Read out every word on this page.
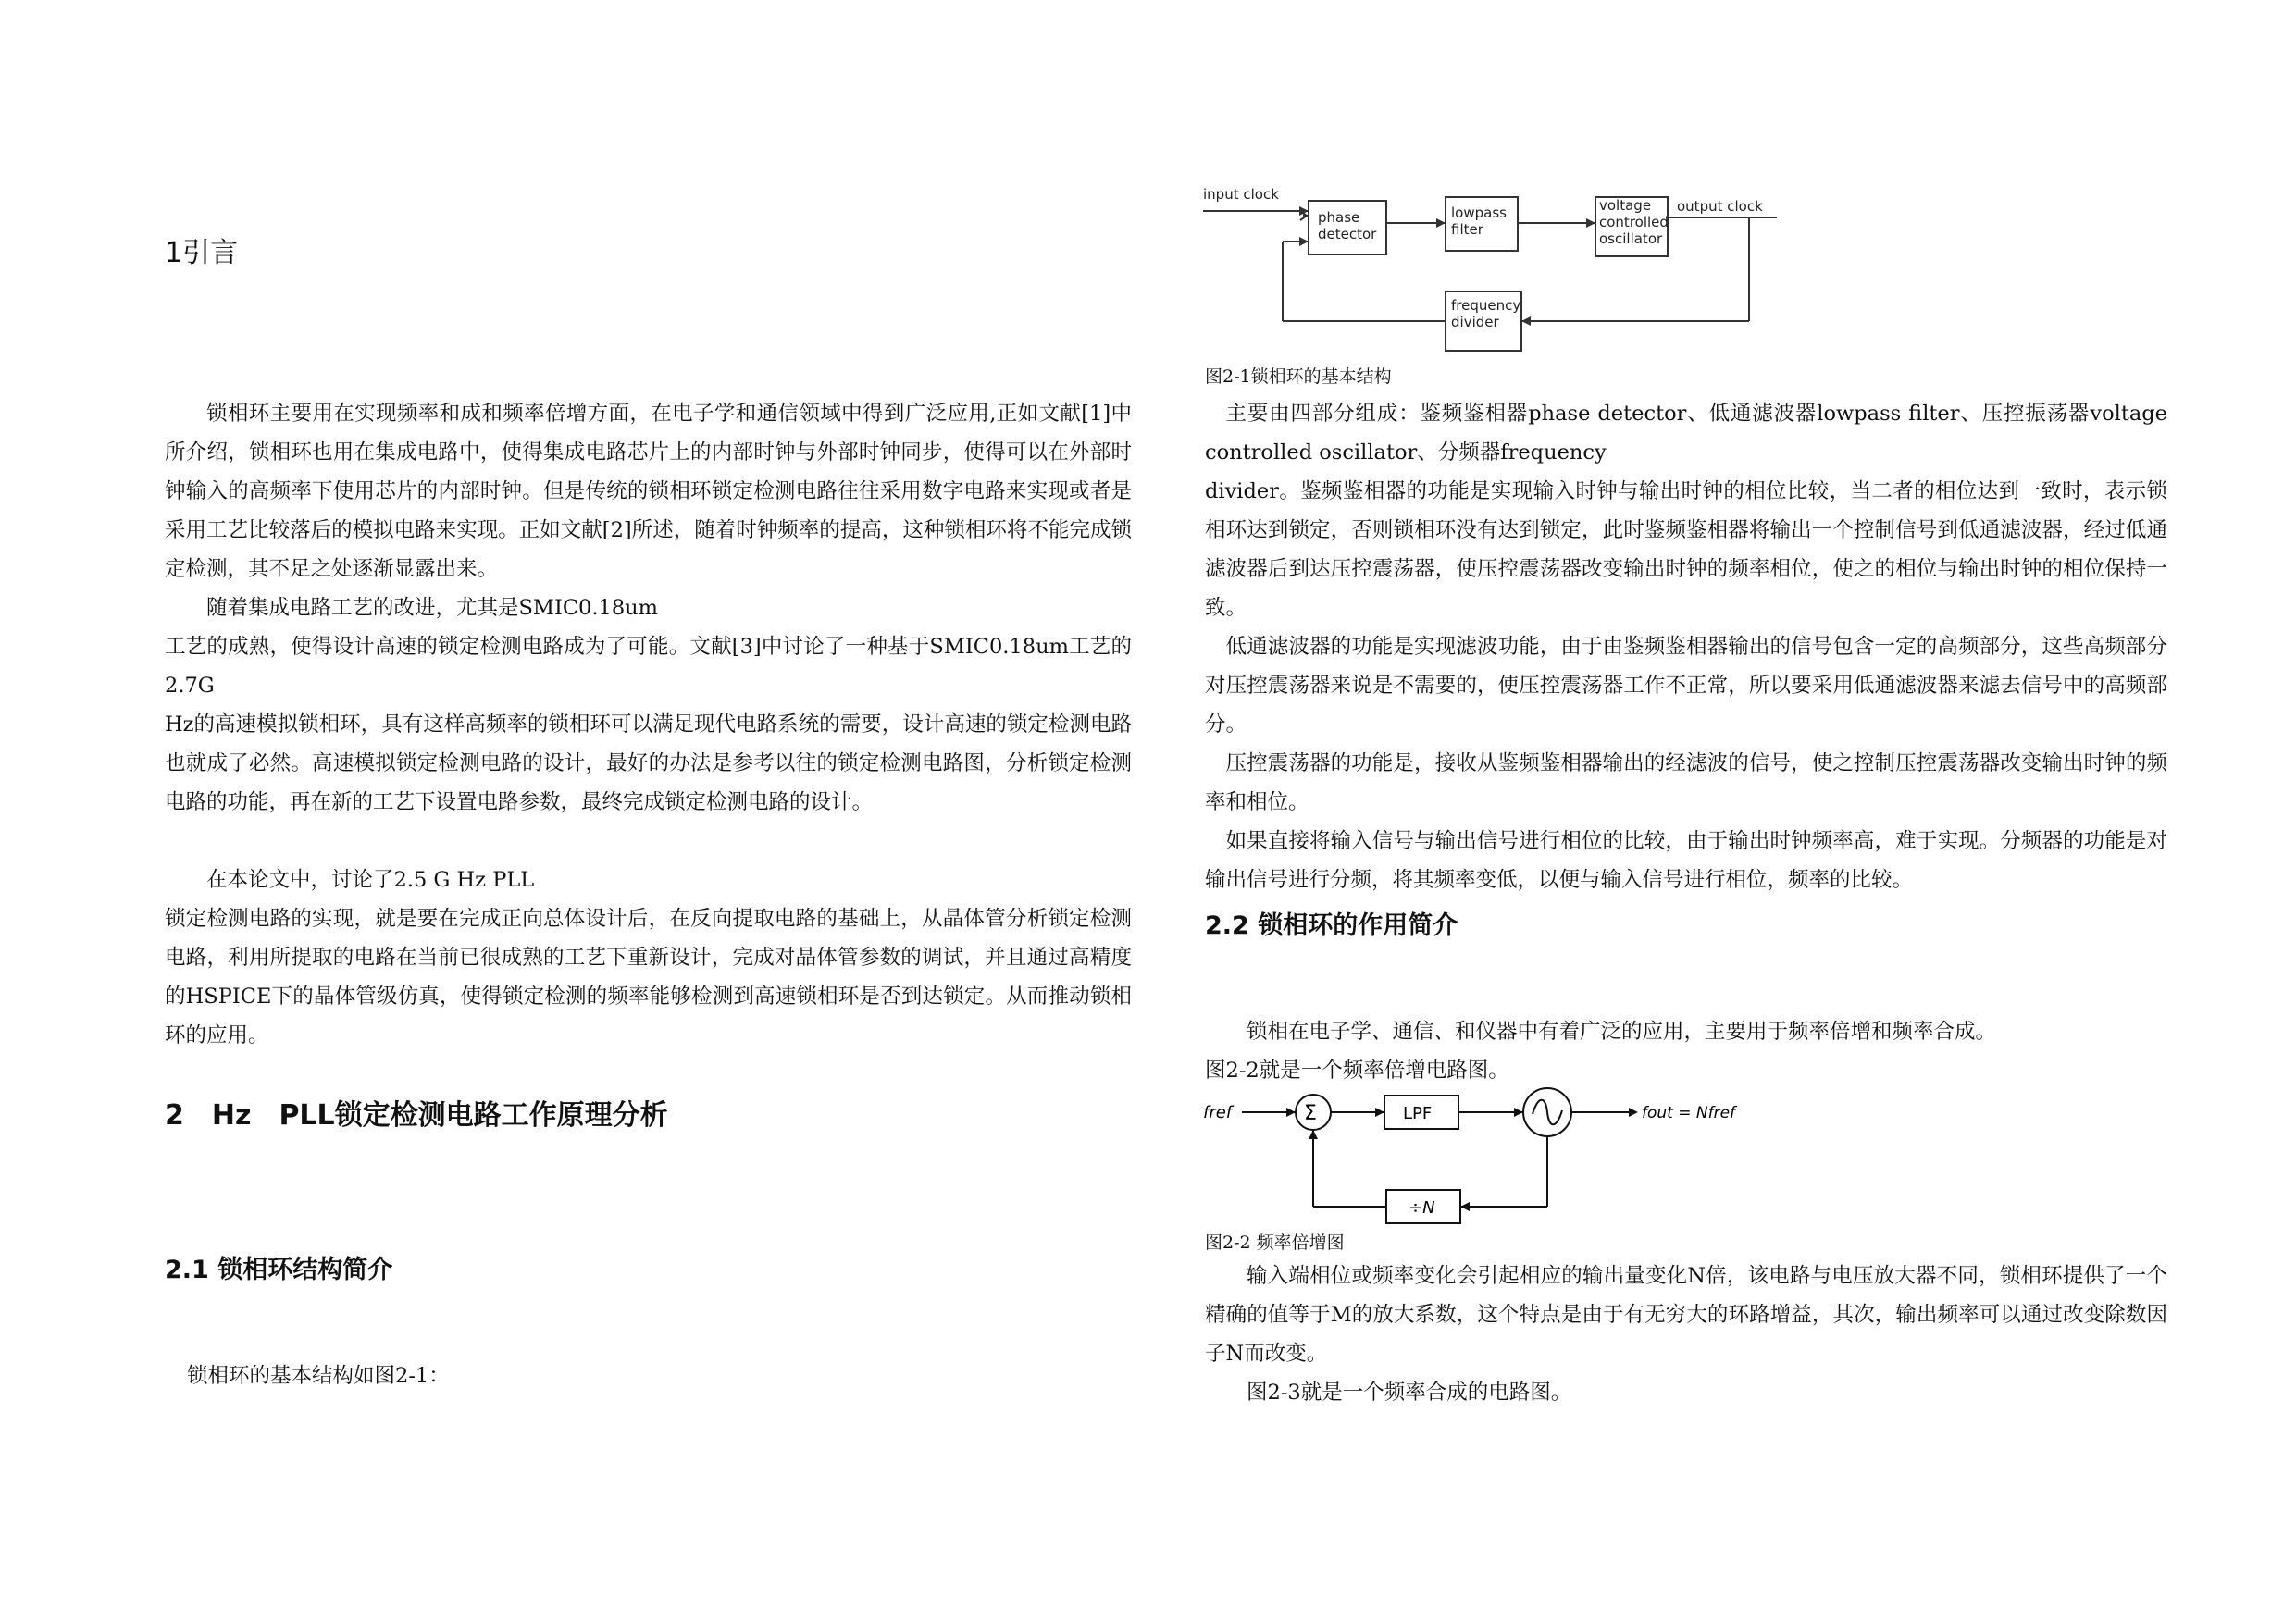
1引言

锁相环主要用在实现频率和成和频率倍增方面，在电子学和通信领域中得到广泛应用,正如文献[1]中所介绍，锁相环也用在集成电路中，使得集成电路芯片上的内部时钟与外部时钟同步，使得可以在外部时钟输入的高频率下使用芯片的内部时钟。但是传统的锁相环锁定检测电路往往采用数字电路来实现或者是采用工艺比较落后的模拟电路来实现。正如文献[2]所述，随着时钟频率的提高，这种锁相环将不能完成锁定检测，其不足之处逐渐显露出来。

随着集成电路工艺的改进，尤其是SMIC0.18um

工艺的成熟，使得设计高速的锁定检测电路成为了可能。文献[3]中讨论了一种基于SMIC0.18um工艺的2.7G

Hz的高速模拟锁相环，具有这样高频率的锁相环可以满足现代电路系统的需要，设计高速的锁定检测电路也就成了必然。高速模拟锁定检测电路的设计，最好的办法是参考以往的锁定检测电路图，分析锁定检测电路的功能，再在新的工艺下设置电路参数，最终完成锁定检测电路的设计。

在本论文中，讨论了2.5 G Hz PLL

锁定检测电路的实现，就是要在完成正向总体设计后，在反向提取电路的基础上，从晶体管分析锁定检测电路，利用所提取的电路在当前已很成熟的工艺下重新设计，完成对晶体管参数的调试，并且通过高精度的HSPICE下的晶体管级仿真，使得锁定检测的频率能够检测到高速锁相环是否到达锁定。从而推动锁相环的应用。

2　Hz　PLL锁定检测电路工作原理分析
2.1 锁相环结构简介

锁相环的基本结构如图2-1：

input clock
phase
detector
lowpass
filter
voltage
controlled
oscillator
output clock
frequency
divider

图2-1锁相环的基本结构

主要由四部分组成：鉴频鉴相器phase detector、低通滤波器lowpass filter、压控振荡器voltage controlled oscillator、分频器frequency

divider。鉴频鉴相器的功能是实现输入时钟与输出时钟的相位比较，当二者的相位达到一致时，表示锁相环达到锁定，否则锁相环没有达到锁定，此时鉴频鉴相器将输出一个控制信号到低通滤波器，经过低通滤波器后到达压控震荡器，使压控震荡器改变输出时钟的频率相位，使之的相位与输出时钟的相位保持一致。

低通滤波器的功能是实现滤波功能，由于由鉴频鉴相器输出的信号包含一定的高频部分，这些高频部分对压控震荡器来说是不需要的，使压控震荡器工作不正常，所以要采用低通滤波器来滤去信号中的高频部分。

压控震荡器的功能是，接收从鉴频鉴相器输出的经滤波的信号，使之控制压控震荡器改变输出时钟的频率和相位。

如果直接将输入信号与输出信号进行相位的比较，由于输出时钟频率高，难于实现。分频器的功能是对输出信号进行分频，将其频率变低，以便与输入信号进行相位，频率的比较。

2.2 锁相环的作用简介

锁相在电子学、通信、和仪器中有着广泛的应用，主要用于频率倍增和频率合成。

图2-2就是一个频率倍增电路图。

fref	Σ	LPF	fout = Nfref
÷N

图2-2 频率倍增图

输入端相位或频率变化会引起相应的输出量变化N倍，该电路与电压放大器不同，锁相环提供了一个精确的值等于M的放大系数，这个特点是由于有无穷大的环路增益，其次，输出频率可以通过改变除数因子N而改变。

图2-3就是一个频率合成的电路图。
